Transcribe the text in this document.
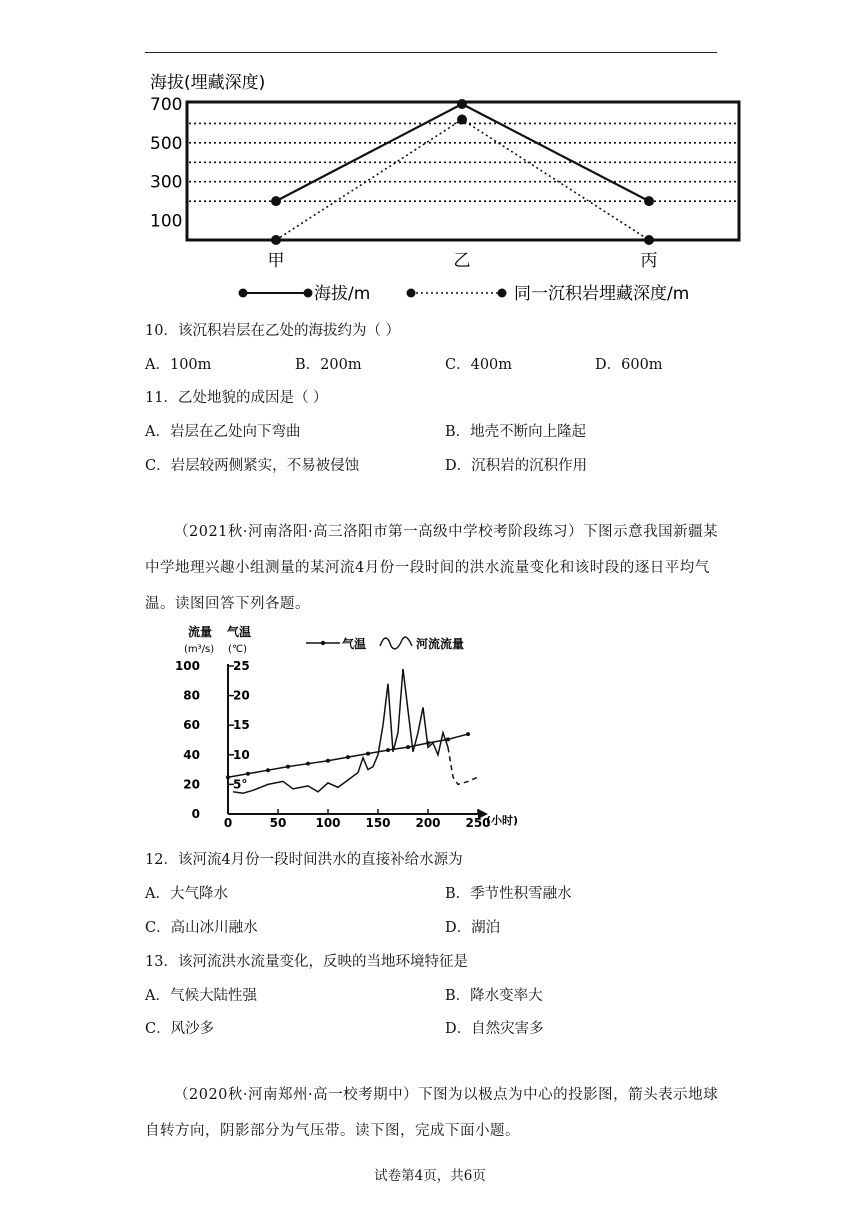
海拔(埋藏深度)
700
500
300
100
甲	乙	丙
海拔/m	同一沉积岩埋藏深度/m
10．该沉积岩层在乙处的海拔约为（ ）
A．100m	B．200m	C．400m	D．600m
11．乙处地貌的成因是（ ）
A．岩层在乙处向下弯曲	B．地壳不断向上隆起
C．岩层较两侧紧实，不易被侵蚀	D．沉积岩的沉积作用
（2021秋·河南洛阳·高三洛阳市第一高级中学校考阶段练习）下图示意我国新疆某中学地理兴趣小组测量的某河流4月份一段时间的洪水流量变化和该时段的逐日平均气温。读图回答下列各题。
流量
(m³/s)
气温
(℃)	气温	河流流量
100
80
60
40
20
0
25
20
15
10
5°
0	50 100 150 200 250
(小时)
12．该河流4月份一段时间洪水的直接补给水源为
A．大气降水	B．季节性积雪融水
C．高山冰川融水	D．湖泊
13．该河流洪水流量变化，反映的当地环境特征是
A．气候大陆性强	B．降水变率大
C．风沙多	D．自然灾害多
（2020秋·河南郑州·高一校考期中）下图为以极点为中心的投影图，箭头表示地球自转方向，阴影部分为气压带。读下图，完成下面小题。
试卷第4页，共6页
